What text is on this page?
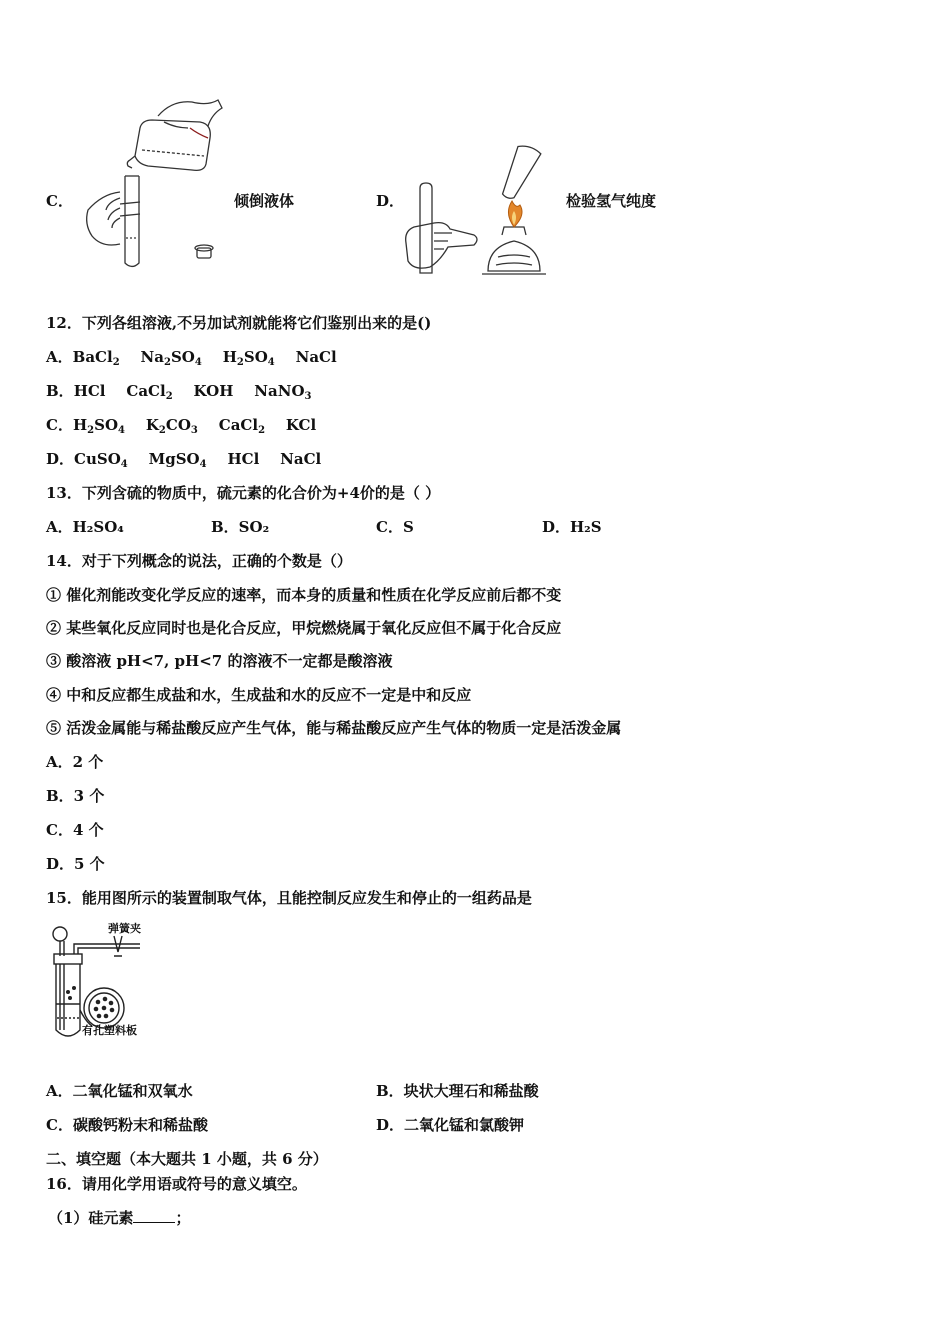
C．	倾倒液体	D．	检验氢气纯度
12．下列各组溶液,不另加试剂就能将它们鉴别出来的是()
A．BaCl$_2$    $Na_2SO_4$    $H_2SO_4$    NaCl
B．HCl    CaCl$_2$    KOH    NaNO$_3$
C．$H_2SO_4$    $K_2CO_3$    CaCl$_2$    KCl
D．CuSO$_4$    MgSO$_4$    HCl    NaCl
13．下列含硫的物质中，硫元素的化合价为+4价的是（ ）
A．H₂SO₄	B．SO₂	C．S	D．H₂S
14．对于下列概念的说法，正确的个数是（）
① 催化剂能改变化学反应的速率，而本身的质量和性质在化学反应前后都不变
② 某些氧化反应同时也是化合反应，甲烷燃烧属于氧化反应但不属于化合反应
③ 酸溶液 pH<7, pH<7 的溶液不一定都是酸溶液
④ 中和反应都生成盐和水，生成盐和水的反应不一定是中和反应
⑤ 活泼金属能与稀盐酸反应产生气体，能与稀盐酸反应产生气体的物质一定是活泼金属
A．2 个
B．3 个
C．4 个
D．5 个
15．能用图所示的装置制取气体，且能控制反应发生和停止的一组药品是
弹簧夹
有孔塑料板
A．二氧化锰和双氧水	B．块状大理石和稀盐酸
C．碳酸钙粉末和稀盐酸	D．二氧化锰和氯酸钾
二、填空题（本大题共 1 小题，共 6 分）
16．请用化学用语或符号的意义填空。
（1）硅元素	；
